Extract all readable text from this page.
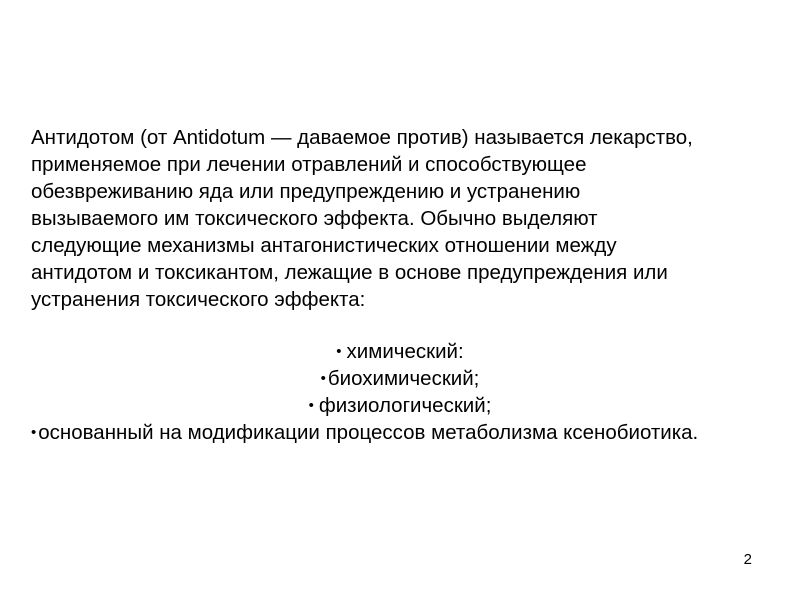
Антидотом (от Antidotum — даваемое против) называется лекарство,
применяемое при лечении отравлений и способствующее
обезвреживанию яда или предупреждению и устранению
вызываемого им токсического эффекта. Обычно выделяют
следующие механизмы антагонистических отношении между
антидотом и токсикантом, лежащие в основе предупреждения или
устранения токсического эффекта:
• химический:
•биохимический;
• физиологический;
•основанный на модификации процессов метаболизма ксенобиотика.
2
